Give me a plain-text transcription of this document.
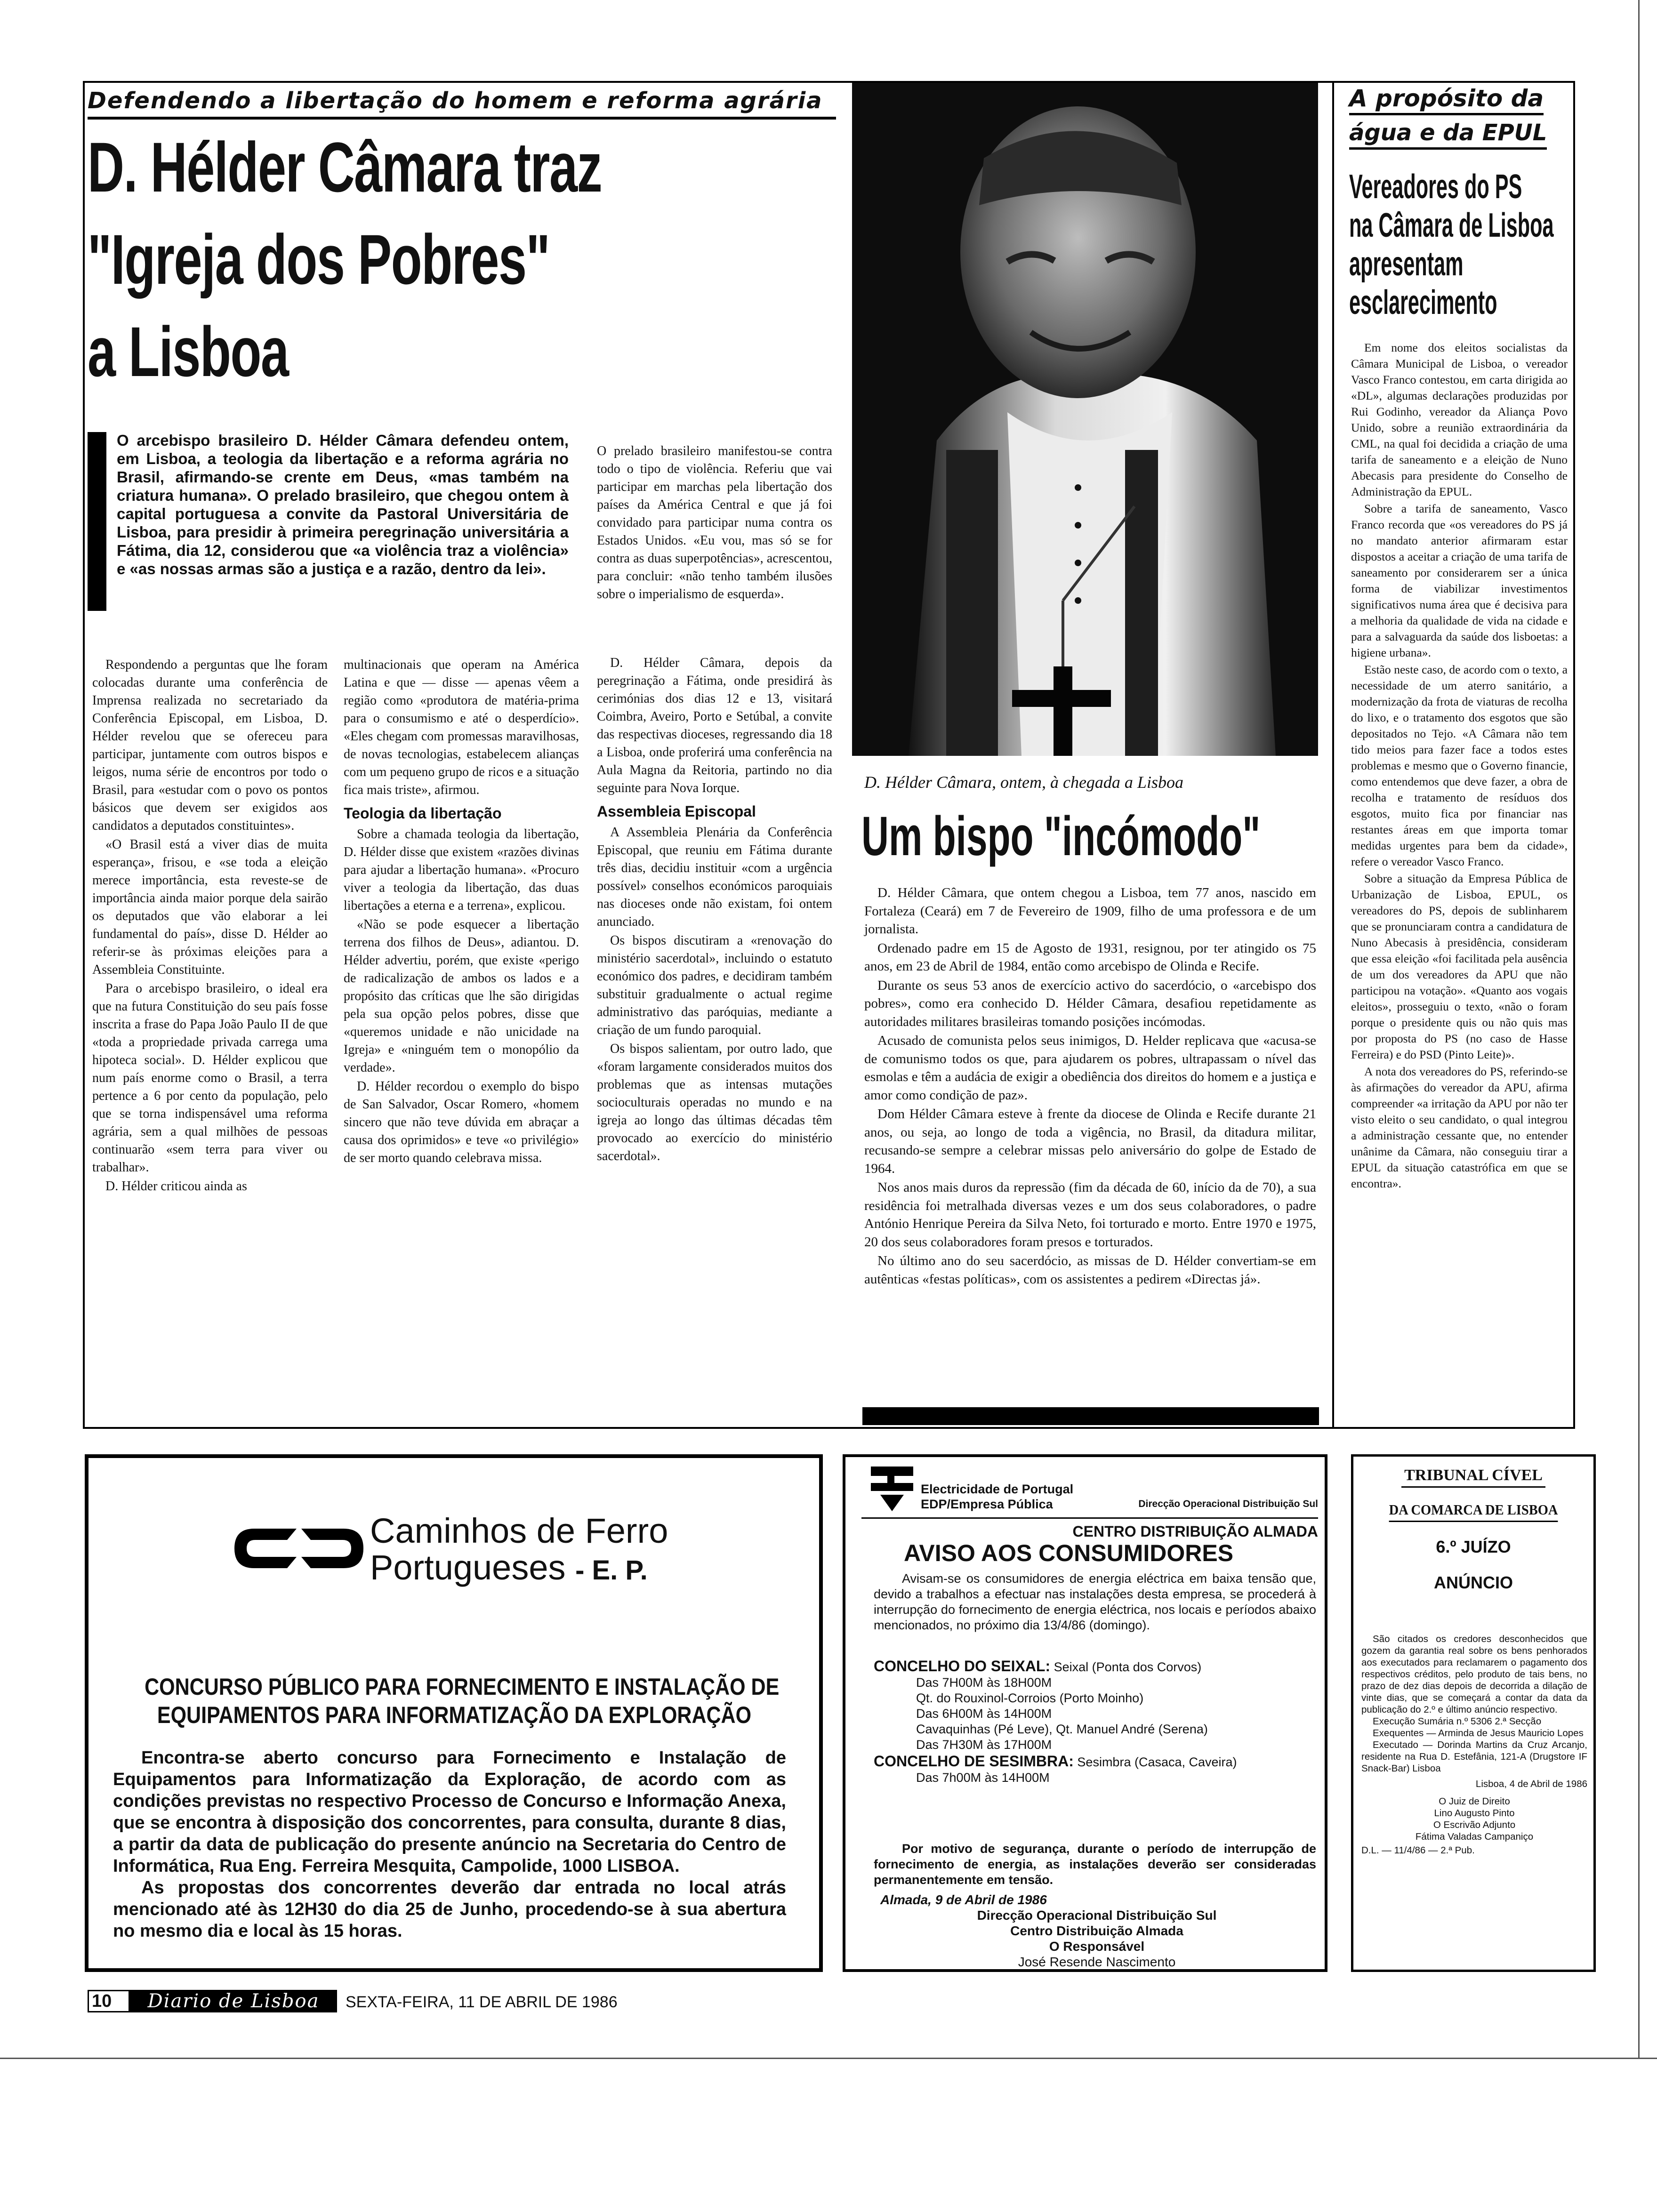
Defendendo a libertação do homem e reforma agrária
D. Hélder Câmara traz
"Igreja dos Pobres"
a Lisboa
O arcebispo brasileiro D. Hélder Câmara defendeu ontem, em Lisboa, a teologia da libertação e a reforma agrária no Brasil, afirmando-se crente em Deus, «mas também na criatura humana». O prelado brasileiro, que chegou ontem à capital portuguesa a convite da Pastoral Universitária de Lisboa, para presidir à primeira peregrinação universitária a Fátima, dia 12, considerou que «a violência traz a violência» e «as nossas armas são a justiça e a razão, dentro da lei».

O prelado brasileiro manifestou-se contra todo o tipo de violência. Referiu que vai participar em marchas pela libertação dos países da América Central e que já foi convidado para participar numa contra os Estados Unidos. «Eu vou, mas só se for contra as duas superpotências», acrescentou, para concluir: «não tenho também ilusões sobre o imperialismo de esquerda».

Respondendo a perguntas que lhe foram colocadas durante uma conferência de Imprensa realizada no secretariado da Conferência Episcopal, em Lisboa, D. Hélder revelou que se ofereceu para participar, juntamente com outros bispos e leigos, numa série de encontros por todo o Brasil, para «estudar com o povo os pontos básicos que devem ser exigidos aos candidatos a deputados constituintes».

«O Brasil está a viver dias de muita esperança», frisou, e «se toda a eleição merece importância, esta reveste-se de importância ainda maior porque dela sairão os deputados que vão elaborar a lei fundamental do país», disse D. Hélder ao referir-se às próximas eleições para a Assembleia Constituinte.

Para o arcebispo brasileiro, o ideal era que na futura Constituição do seu país fosse inscrita a frase do Papa João Paulo II de que «toda a propriedade privada carrega uma hipoteca social». D. Hélder explicou que num país enorme como o Brasil, a terra pertence a 6 por cento da população, pelo que se torna indispensável uma reforma agrária, sem a qual milhões de pessoas continuarão «sem terra para viver ou trabalhar».

D. Hélder criticou ainda as

multinacionais que operam na América Latina e que — disse — apenas vêem a região como «produtora de matéria-prima para o consumismo e até o desperdício». «Eles chegam com promessas maravilhosas, de novas tecnologias, estabelecem alianças com um pequeno grupo de ricos e a situação fica mais triste», afirmou.

Teologia da libertação

Sobre a chamada teologia da libertação, D. Hélder disse que existem «razões divinas para ajudar a libertação humana». «Procuro viver a teologia da libertação, das duas libertações a eterna e a terrena», explicou.

«Não se pode esquecer a libertação terrena dos filhos de Deus», adiantou. D. Hélder advertiu, porém, que existe «perigo de radicalização de ambos os lados e a propósito das críticas que lhe são dirigidas pela sua opção pelos pobres, disse que «queremos unidade e não unicidade na Igreja» e «ninguém tem o monopólio da verdade».

D. Hélder recordou o exemplo do bispo de San Salvador, Oscar Romero, «homem sincero que não teve dúvida em abraçar a causa dos oprimidos» e teve «o privilégio» de ser morto quando celebrava missa.

D. Hélder Câmara, depois da peregrinação a Fátima, onde presidirá às cerimónias dos dias 12 e 13, visitará Coimbra, Aveiro, Porto e Setúbal, a convite das respectivas dioceses, regressando dia 18 a Lisboa, onde proferirá uma conferência na Aula Magna da Reitoria, partindo no dia seguinte para Nova Iorque.

Assembleia Episcopal

A Assembleia Plenária da Conferência Episcopal, que reuniu em Fátima durante três dias, decidiu instituir «com a urgência possível» conselhos económicos paroquiais nas dioceses onde não existam, foi ontem anunciado.

Os bispos discutiram a «renovação do ministério sacerdotal», incluindo o estatuto económico dos padres, e decidiram também substituir gradualmente o actual regime administrativo das paróquias, mediante a criação de um fundo paroquial.

Os bispos salientam, por outro lado, que «foram largamente considerados muitos dos problemas que as intensas mutações socioculturais operadas no mundo e na igreja ao longo das últimas décadas têm provocado ao exercício do ministério sacerdotal».

D. Hélder Câmara, ontem, à chegada a Lisboa
Um bispo "incómodo"

D. Hélder Câmara, que ontem chegou a Lisboa, tem 77 anos, nascido em Fortaleza (Ceará) em 7 de Fevereiro de 1909, filho de uma professora e de um jornalista.

Ordenado padre em 15 de Agosto de 1931, resignou, por ter atingido os 75 anos, em 23 de Abril de 1984, então como arcebispo de Olinda e Recife.

Durante os seus 53 anos de exercício activo do sacerdócio, o «arcebispo dos pobres», como era conhecido D. Hélder Câmara, desafiou repetidamente as autoridades militares brasileiras tomando posições incómodas.

Acusado de comunista pelos seus inimigos, D. Helder replicava que «acusa-se de comunismo todos os que, para ajudarem os pobres, ultrapassam o nível das esmolas e têm a audácia de exigir a obediência dos direitos do homem e a justiça e amor como condição de paz».

Dom Hélder Câmara esteve à frente da diocese de Olinda e Recife durante 21 anos, ou seja, ao longo de toda a vigência, no Brasil, da ditadura militar, recusando-se sempre a celebrar missas pelo aniversário do golpe de Estado de 1964.

Nos anos mais duros da repressão (fim da década de 60, início da de 70), a sua residência foi metralhada diversas vezes e um dos seus colaboradores, o padre António Henrique Pereira da Silva Neto, foi torturado e morto. Entre 1970 e 1975, 20 dos seus colaboradores foram presos e torturados.

No último ano do seu sacerdócio, as missas de D. Hélder convertiam-se em autênticas «festas políticas», com os assistentes a pedirem «Directas já».

A propósito da água e da EPUL
Vereadores do PS
na Câmara de Lisboa
apresentam
esclarecimento

Em nome dos eleitos socialistas da Câmara Municipal de Lisboa, o vereador Vasco Franco contestou, em carta dirigida ao «DL», algumas declarações produzidas por Rui Godinho, vereador da Aliança Povo Unido, sobre a reunião extraordinária da CML, na qual foi decidida a criação de uma tarifa de saneamento e a eleição de Nuno Abecasis para presidente do Conselho de Administração da EPUL.

Sobre a tarifa de saneamento, Vasco Franco recorda que «os vereadores do PS já no mandato anterior afirmaram estar dispostos a aceitar a criação de uma tarifa de saneamento por considerarem ser a única forma de viabilizar investimentos significativos numa área que é decisiva para a melhoria da qualidade de vida na cidade e para a salvaguarda da saúde dos lisboetas: a higiene urbana».

Estão neste caso, de acordo com o texto, a necessidade de um aterro sanitário, a modernização da frota de viaturas de recolha do lixo, e o tratamento dos esgotos que são depositados no Tejo. «A Câmara não tem tido meios para fazer face a todos estes problemas e mesmo que o Governo financie, como entendemos que deve fazer, a obra de recolha e tratamento de resíduos dos esgotos, muito fica por financiar nas restantes áreas em que importa tomar medidas urgentes para bem da cidade», refere o vereador Vasco Franco.

Sobre a situação da Empresa Pública de Urbanização de Lisboa, EPUL, os vereadores do PS, depois de sublinharem que se pronunciaram contra a candidatura de Nuno Abecasis à presidência, consideram que essa eleição «foi facilitada pela ausência de um dos vereadores da APU que não participou na votação». «Quanto aos vogais eleitos», prosseguiu o texto, «não o foram porque o presidente quis ou não quis mas por proposta do PS (no caso de Hasse Ferreira) e do PSD (Pinto Leite)».

A nota dos vereadores do PS, referindo-se às afirmações do vereador da APU, afirma compreender «a irritação da APU por não ter visto eleito o seu candidato, o qual integrou a administração cessante que, no entender unânime da Câmara, não conseguiu tirar a EPUL da situação catastrófica em que se encontra».

Caminhos de Ferro
Portugueses - E. P.
CONCURSO PÚBLICO PARA FORNECIMENTO E INSTALAÇÃO DE
EQUIPAMENTOS PARA INFORMATIZAÇÃO DA EXPLORAÇÃO

Encontra-se aberto concurso para Fornecimento e Instalação de Equipamentos para Informatização da Exploração, de acordo com as condições previstas no respectivo Processo de Concurso e Informação Anexa, que se encontra à disposição dos concorrentes, para consulta, durante 8 dias, a partir da data de publicação do presente anúncio na Secretaria do Centro de Informática, Rua Eng. Ferreira Mesquita, Campolide, 1000 LISBOA.

As propostas dos concorrentes deverão dar entrada no local atrás mencionado até às 12H30 do dia 25 de Junho, procedendo-se à sua abertura no mesmo dia e local às 15 horas.

Electricidade de Portugal
EDP/Empresa Pública	Direcção Operacional Distribuição Sul
CENTRO DISTRIBUIÇÃO ALMADA
AVISO AOS CONSUMIDORES
Avisam-se os consumidores de energia eléctrica em baixa tensão que, devido a trabalhos a efectuar nas instalações desta empresa, se procederá à interrupção do fornecimento de energia eléctrica, nos locais e períodos abaixo mencionados, no próximo dia 13/4/86 (domingo).
CONCELHO DO SEIXAL: Seixal (Ponta dos Corvos)
Das 7H00M às 18H00M
Qt. do Rouxinol-Corroios (Porto Moinho)
Das 6H00M às 14H00M
Cavaquinhas (Pé Leve), Qt. Manuel André (Serena)
Das 7H30M às 17H00M
CONCELHO DE SESIMBRA: Sesimbra (Casaca, Caveira)
Das 7h00M às 14H00M
Por motivo de segurança, durante o período de interrupção de fornecimento de energia, as instalações deverão ser consideradas permanentemente em tensão.
Almada, 9 de Abril de 1986
Direcção Operacional Distribuição Sul
Centro Distribuição Almada
O Responsável
José Resende Nascimento
TRIBUNAL CÍVEL DA COMARCA DE LISBOA
6.º JUÍZO
ANÚNCIO

São citados os credores desconhecidos que gozem da garantia real sobre os bens penhorados aos executados para reclamarem o pagamento dos respectivos créditos, pelo produto de tais bens, no prazo de dez dias depois de decorrida a dilação de vinte dias, que se começará a contar da data da publicação do 2.º e último anúncio respectivo.

Execução Sumária n.º 5306 2.ª Secção

Exequentes — Arminda de Jesus Mauricio Lopes

Executado — Dorinda Martins da Cruz Arcanjo, residente na Rua D. Estefânia, 121-A (Drugstore IF Snack-Bar) Lisboa

Lisboa, 4 de Abril de 1986

O Juiz de Direito
Lino Augusto Pinto
O Escrivão Adjunto
Fátima Valadas Campaniço

D.L. — 11/4/86 — 2.ª Pub.

10	Diario de Lisboa	SEXTA-FEIRA, 11 DE ABRIL DE 1986
